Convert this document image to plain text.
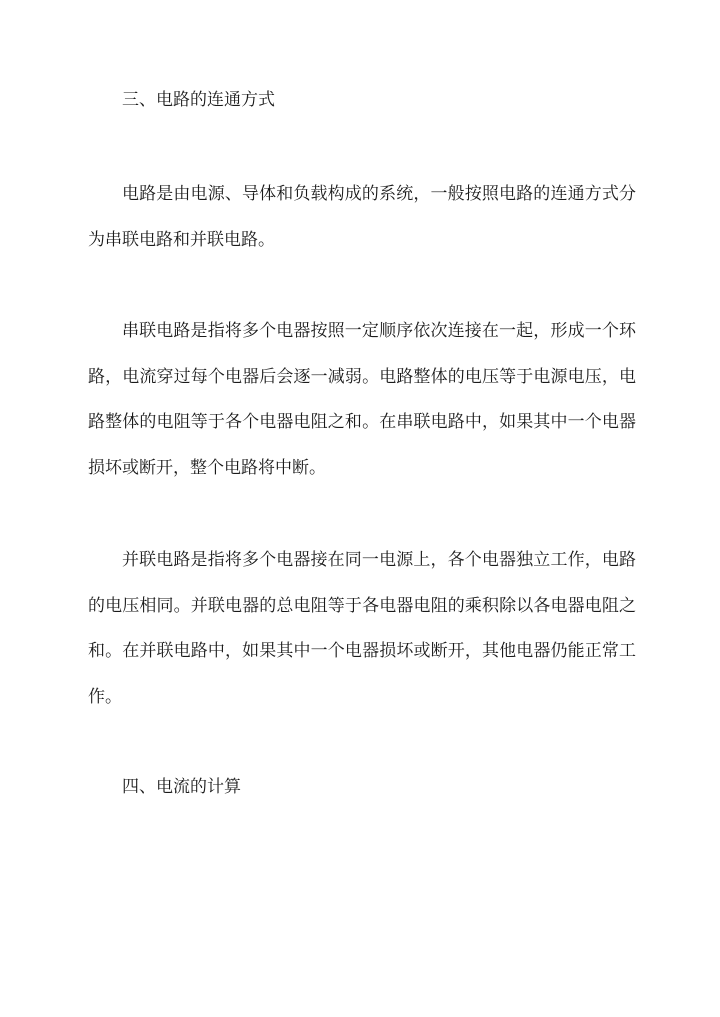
三、电路的连通方式

电路是由电源、导体和负载构成的系统，一般按照电路的连通方式分为串联电路和并联电路。

串联电路是指将多个电器按照一定顺序依次连接在一起，形成一个环路，电流穿过每个电器后会逐一减弱。电路整体的电压等于电源电压，电路整体的电阻等于各个电器电阻之和。在串联电路中，如果其中一个电器损坏或断开，整个电路将中断。

并联电路是指将多个电器接在同一电源上，各个电器独立工作，电路的电压相同。并联电器的总电阻等于各电器电阻的乘积除以各电器电阻之和。在并联电路中，如果其中一个电器损坏或断开，其他电器仍能正常工作。

四、电流的计算
